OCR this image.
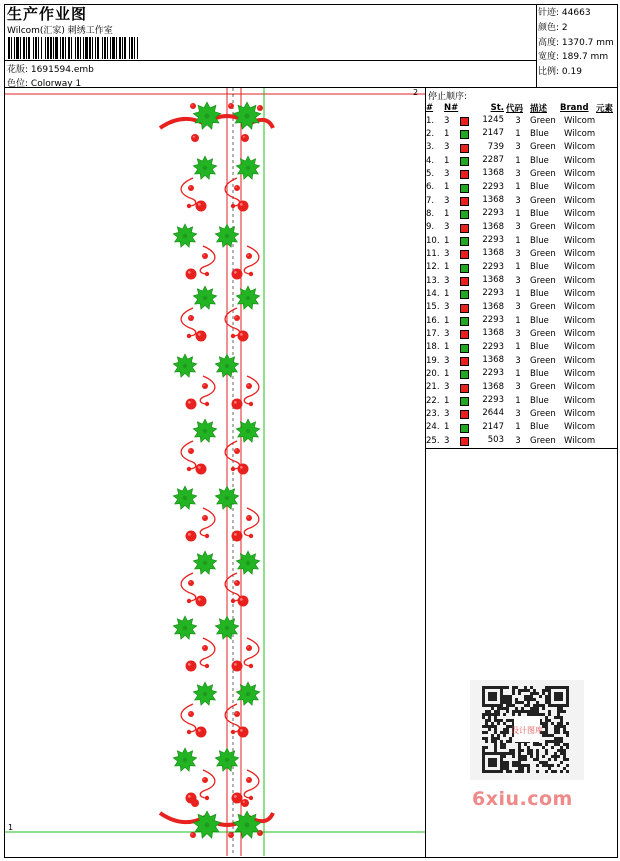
生产作业图
Wilcom(汇家) 刺绣工作室
花版: 1691594.emb
色位: Colorway 1
针迹: 44663
颜色: 2
高度: 1370.7 mm
宽度: 189.7 mm
比例: 0.19
停止顺序:
#	N#	St.	代码	描述	Brand	元素
1.	3	1245	3	Green	Wilcom	
2.	1	2147	1	Blue	Wilcom	
3.	3	739	3	Green	Wilcom	
4.	1	2287	1	Blue	Wilcom	
5.	3	1368	3	Green	Wilcom	
6.	1	2293	1	Blue	Wilcom	
7.	3	1368	3	Green	Wilcom	
8.	1	2293	1	Blue	Wilcom	
9.	3	1368	3	Green	Wilcom	
10.	1	2293	1	Blue	Wilcom	
11.	3	1368	3	Green	Wilcom	
12.	1	2293	1	Blue	Wilcom	
13.	3	1368	3	Green	Wilcom	
14.	1	2293	1	Blue	Wilcom	
15.	3	1368	3	Green	Wilcom	
16.	1	2293	1	Blue	Wilcom	
17.	3	1368	3	Green	Wilcom	
18.	1	2293	1	Blue	Wilcom	
19.	3	1368	3	Green	Wilcom	
20.	1	2293	1	Blue	Wilcom	
21.	3	1368	3	Green	Wilcom	
22.	1	2293	1	Blue	Wilcom	
23.	3	2644	3	Green	Wilcom	
24.	1	2147	1	Blue	Wilcom	
25.	3	503	3	Green	Wilcom	
2
1
设计图库
6xiu.com
